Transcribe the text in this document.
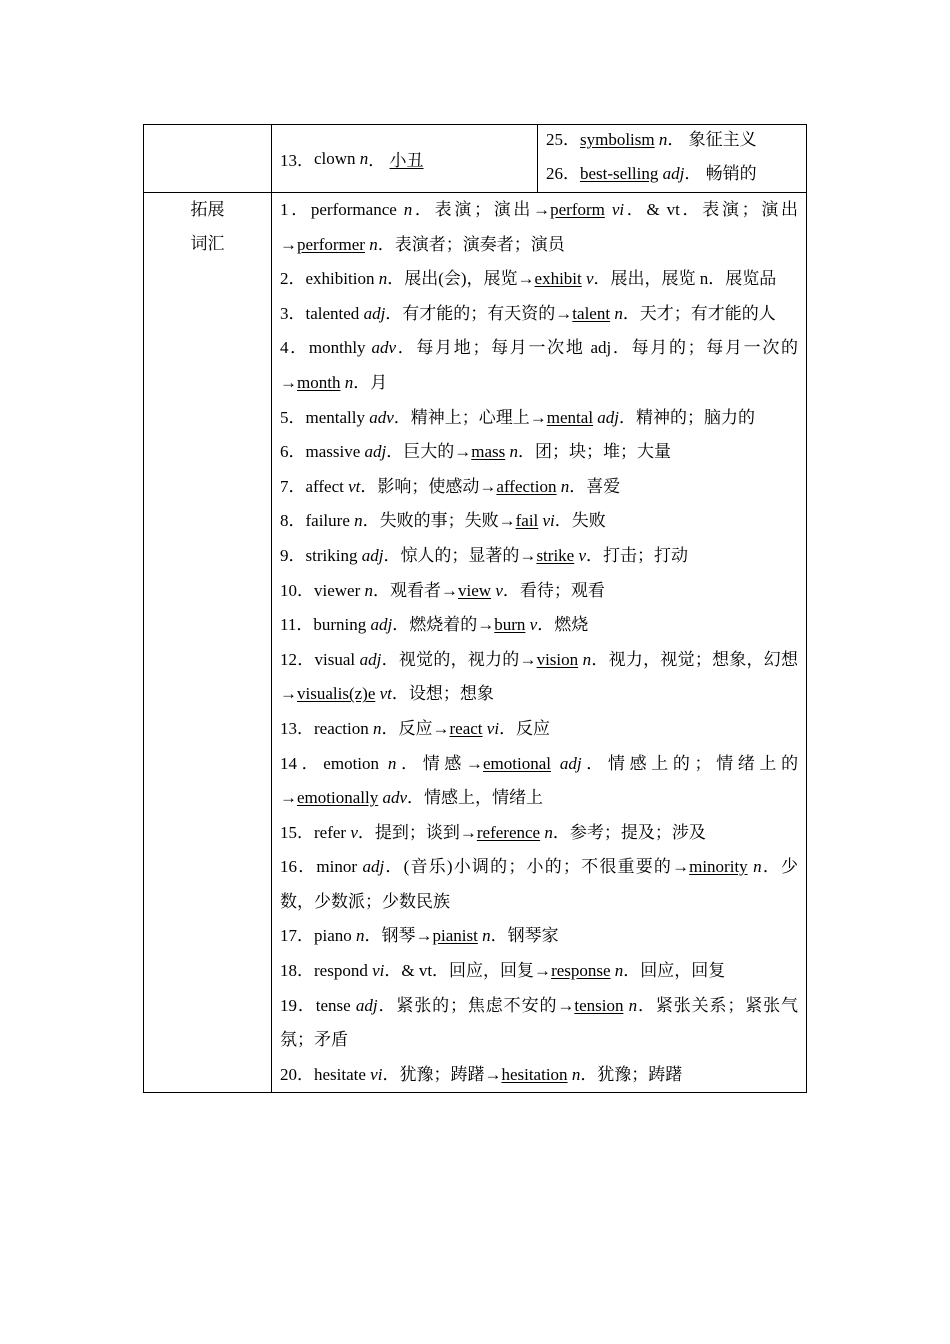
13． clown
n ． 小丑
25．symbolism n． 象征主义
26．best-selling adj． 畅销的
拓展
词汇
1．performance n．表演；演出→perform vi．& vt．表演；演出→performer n．表演者；演奏者；演员
2．exhibition n．展出(会)，展览→exhibit v．展出，展览 n．展览品
3．talented adj．有才能的；有天资的→talent n．天才；有才能的人
4．monthly adv．每月地；每月一次地 adj．每月的；每月一次的→month n．月
5．mentally adv．精神上；心理上→mental adj．精神的；脑力的
6．massive adj．巨大的→mass n．团；块；堆；大量
7．affect vt．影响；使感动→affection n．喜爱
8．failure n．失败的事；失败→fail vi．失败
9．striking adj．惊人的；显著的→strike v．打击；打动
10．viewer n．观看者→view v．看待；观看
11．burning adj．燃烧着的→burn v．燃烧
12．visual adj．视觉的，视力的→vision n．视力，视觉；想象，幻想→visualis(z)e vt．设想；想象
13．reaction n．反应→react vi．反应
14．emotion n．情感→emotional adj．情感上的；情绪上的→emotionally adv．情感上，情绪上
15．refer v．提到；谈到→reference n．参考；提及；涉及
16．minor adj．(音乐)小调的；小的；不很重要的→minority n．少数，少数派；少数民族
17．piano n．钢琴→pianist n．钢琴家
18．respond vi．& vt．回应，回复→response n．回应，回复
19．tense adj．紧张的；焦虑不安的→tension n．紧张关系；紧张气氛；矛盾
20．hesitate vi．犹豫；踌躇→hesitation n．犹豫；踌躇
